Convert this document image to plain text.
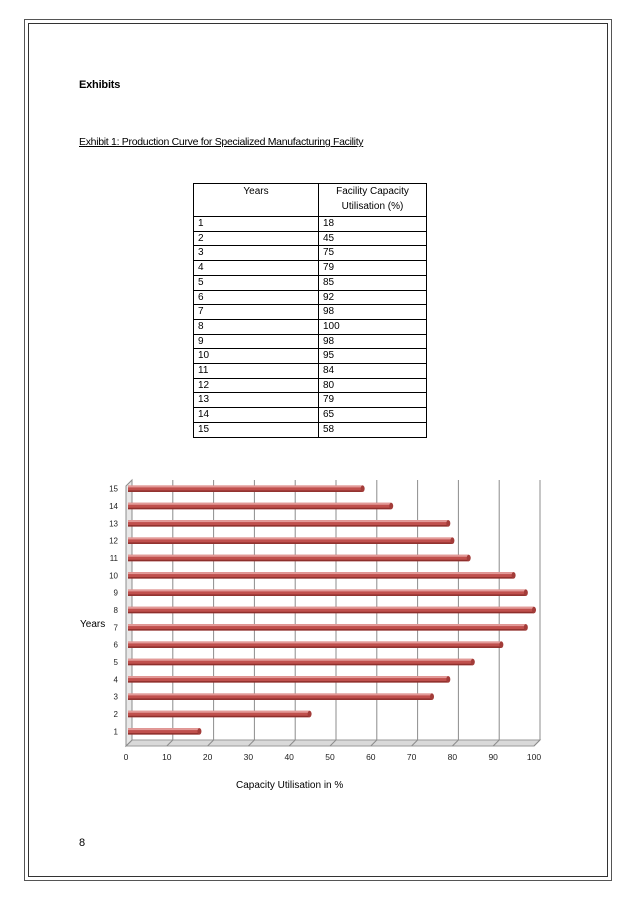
Exhibits
Exhibit 1: Production Curve for Specialized Manufacturing Facility
Years	Facility Capacity Utilisation (%)
1	18
2	45
3	75
4	79
5	85
6	92
7	98
8	100
9	98
10	95
11	84
12	80
13	79
14	65
15	58
1
2
3
4
5
6
7
8
9
10
11
12
13
14
15
0	10	20	30	40	50	60	70	80	90	100
Years
Capacity Utilisation in %
8
